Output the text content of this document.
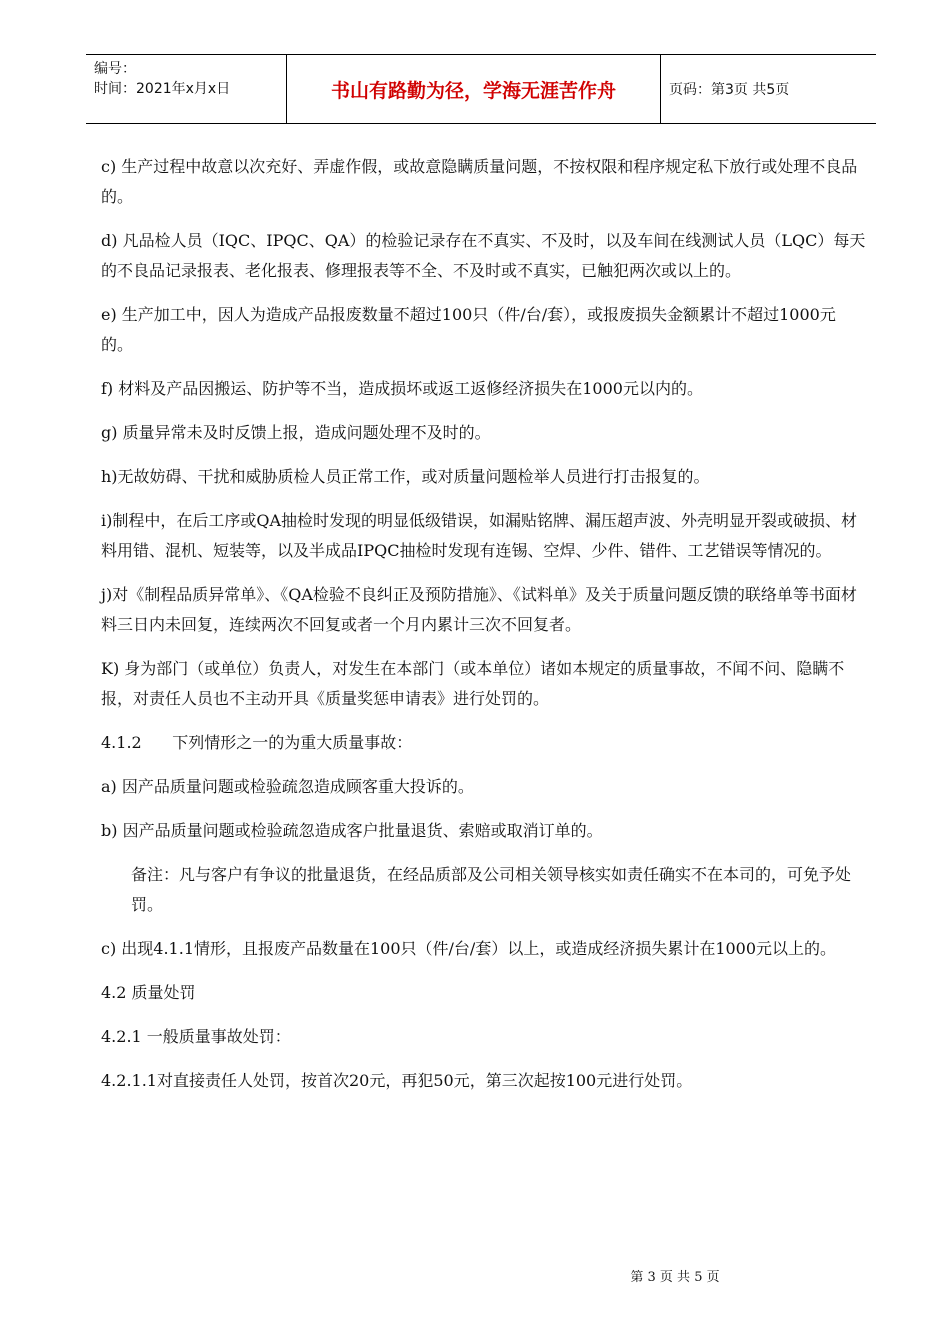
编号：
时间：2021年x月x日	书山有路勤为径，学海无涯苦作舟	页码：第3页 共5页

c) 生产过程中故意以次充好、弄虚作假，或故意隐瞒质量问题，不按权限和程序规定私下放行或处理不良品的。

d) 凡品检人员（IQC、IPQC、QA）的检验记录存在不真实、不及时，以及车间在线测试人员（LQC）每天的不良品记录报表、老化报表、修理报表等不全、不及时或不真实，已触犯两次或以上的。

e) 生产加工中，因人为造成产品报废数量不超过100只（件/台/套），或报废损失金额累计不超过1000元的。

f) 材料及产品因搬运、防护等不当，造成损坏或返工返修经济损失在1000元以内的。

g) 质量异常未及时反馈上报，造成问题处理不及时的。

h)无故妨碍、干扰和威胁质检人员正常工作，或对质量问题检举人员进行打击报复的。

i)制程中，在后工序或QA抽检时发现的明显低级错误，如漏贴铭牌、漏压超声波、外壳明显开裂或破损、材料用错、混机、短装等，以及半成品IPQC抽检时发现有连锡、空焊、少件、错件、工艺错误等情况的。

j)对《制程品质异常单》、《QA检验不良纠正及预防措施》、《试料单》及关于质量问题反馈的联络单等书面材料三日内未回复，连续两次不回复或者一个月内累计三次不回复者。

K) 身为部门（或单位）负责人，对发生在本部门（或本单位）诸如本规定的质量事故，不闻不问、隐瞒不报，对责任人员也不主动开具《质量奖惩申请表》进行处罚的。

4.1.2      下列情形之一的为重大质量事故：

a) 因产品质量问题或检验疏忽造成顾客重大投诉的。

b) 因产品质量问题或检验疏忽造成客户批量退货、索赔或取消订单的。

备注：凡与客户有争议的批量退货，在经品质部及公司相关领导核实如责任确实不在本司的，可免予处罚。

c) 出现4.1.1情形，且报废产品数量在100只（件/台/套）以上，或造成经济损失累计在1000元以上的。

4.2 质量处罚

4.2.1 一般质量事故处罚：

4.2.1.1对直接责任人处罚，按首次20元，再犯50元，第三次起按100元进行处罚。

第 3 页 共 5 页
